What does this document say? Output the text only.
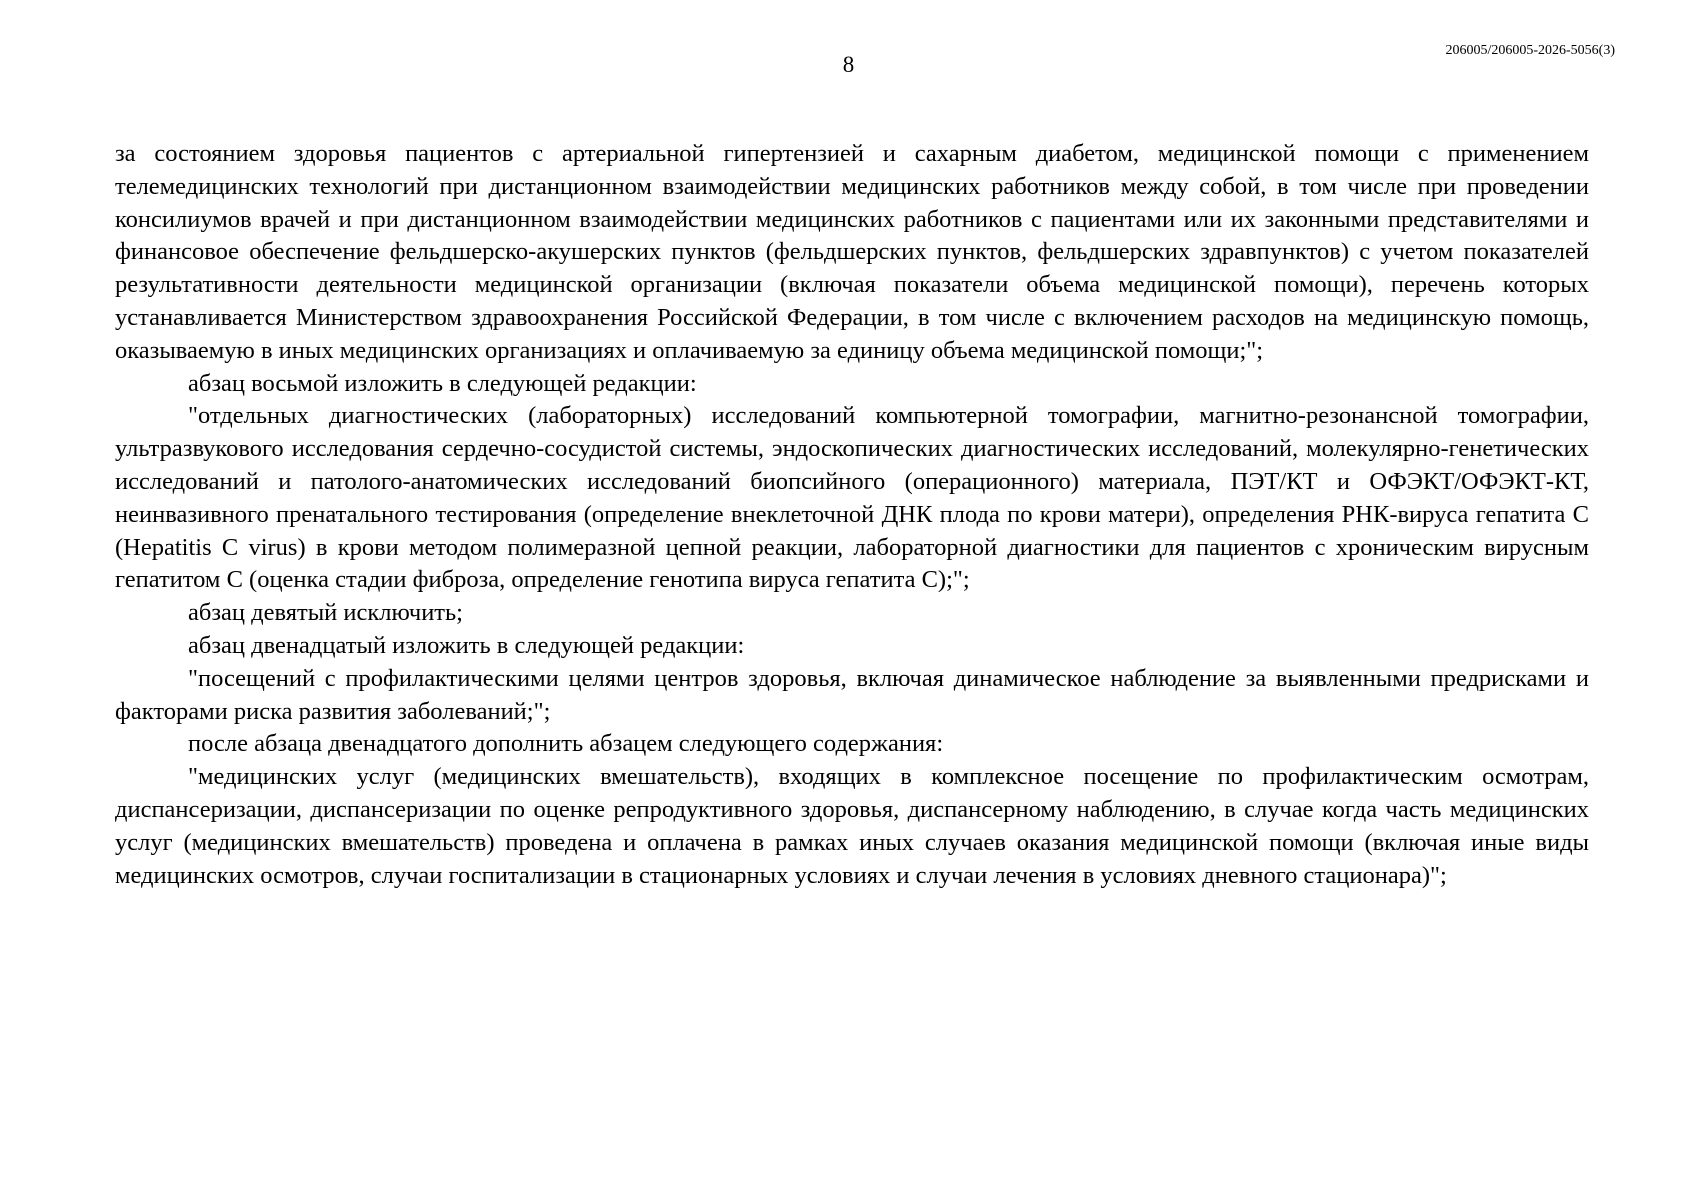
8
206005/206005-2026-5056(3)

за состоянием здоровья пациентов с артериальной гипертензией и сахарным диабетом, медицинской помощи с применением телемедицинских технологий при дистанционном взаимодействии медицинских работников между собой, в том числе при проведении консилиумов врачей и при дистанционном взаимодействии медицинских работников с пациентами или их законными представителями и финансовое обеспечение фельдшерско-акушерских пунктов (фельдшерских пунктов, фельдшерских здравпунктов) с учетом показателей результативности деятельности медицинской организации (включая показатели объема медицинской помощи), перечень которых устанавливается Министерством здравоохранения Российской Федерации, в том числе с включением расходов на медицинскую помощь, оказываемую в иных медицинских организациях и оплачиваемую за единицу объема медицинской помощи;";

абзац восьмой изложить в следующей редакции:

"отдельных диагностических (лабораторных) исследований компьютерной томографии, магнитно-резонансной томографии, ультразвукового исследования сердечно-сосудистой системы, эндоскопических диагностических исследований, молекулярно-генетических исследований и патолого-анатомических исследований биопсийного (операционного) материала, ПЭТ/КТ и ОФЭКТ/ОФЭКТ-КТ, неинвазивного пренатального тестирования (определение внеклеточной ДНК плода по крови матери), определения РНК-вируса гепатита С (Hepatitis C virus) в крови методом полимеразной цепной реакции, лабораторной диагностики для пациентов с хроническим вирусным гепатитом С (оценка стадии фиброза, определение генотипа вируса гепатита С);";

абзац девятый исключить;

абзац двенадцатый изложить в следующей редакции:

"посещений с профилактическими целями центров здоровья, включая динамическое наблюдение за выявленными предрисками и факторами риска развития заболеваний;";

после абзаца двенадцатого дополнить абзацем следующего содержания:

"медицинских услуг (медицинских вмешательств), входящих в комплексное посещение по профилактическим осмотрам, диспансеризации, диспансеризации по оценке репродуктивного здоровья, диспансерному наблюдению, в случае когда часть медицинских услуг (медицинских вмешательств) проведена и оплачена в рамках иных случаев оказания медицинской помощи (включая иные виды медицинских осмотров, случаи госпитализации в стационарных условиях и случаи лечения в условиях дневного стационара)";
